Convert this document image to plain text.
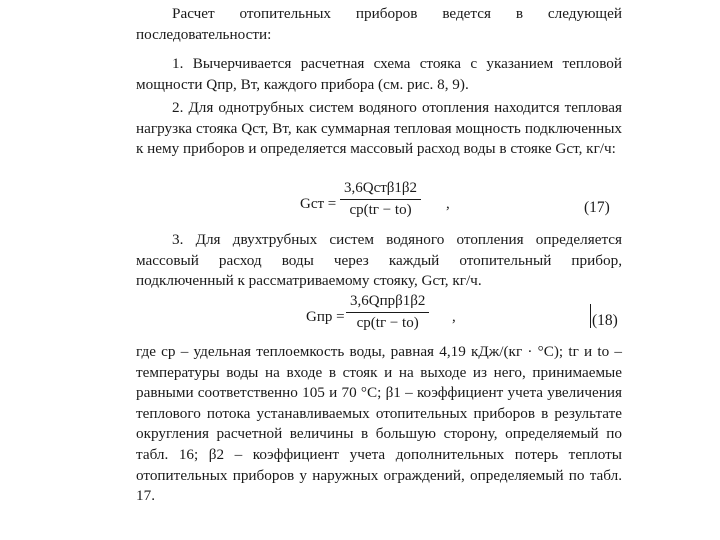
Расчет отопительных приборов ведется в следующей последовательности:
1. Вычерчивается расчетная схема стояка с указанием тепловой мощности Qпр, Вт, каждого прибора (см. рис. 8, 9).
2. Для однотрубных систем водяного отопления находится тепловая нагрузка стояка Qст, Вт, как суммарная тепловая мощность подключенных к нему приборов и определяется массовый расход воды в стояке Gст, кг/ч:
Gст =
3,6Qстβ1β2
cр(tг − tо)	,	(17)
3. Для двухтрубных систем водяного отопления определяется массовый расход воды через каждый отопительный прибор, подключенный к рассматриваемому стояку, Gст, кг/ч.
Gпр =
3,6Qпрβ1β2
cр(tг − tо)	,	(18)
где cр – удельная теплоемкость воды, равная 4,19 кДж/(кг · °С); tг и tо – температуры воды на входе в стояк и на выходе из него, принимаемые равными соответственно 105 и 70 °С; β1 – коэффициент учета увеличения теплового потока устанавливаемых отопительных приборов в результате округления расчетной величины в большую сторону, определяемый по табл. 16; β2 – коэффициент учета дополнительных потерь теплоты отопительных приборов у наружных ограждений, определяемый по табл. 17.
